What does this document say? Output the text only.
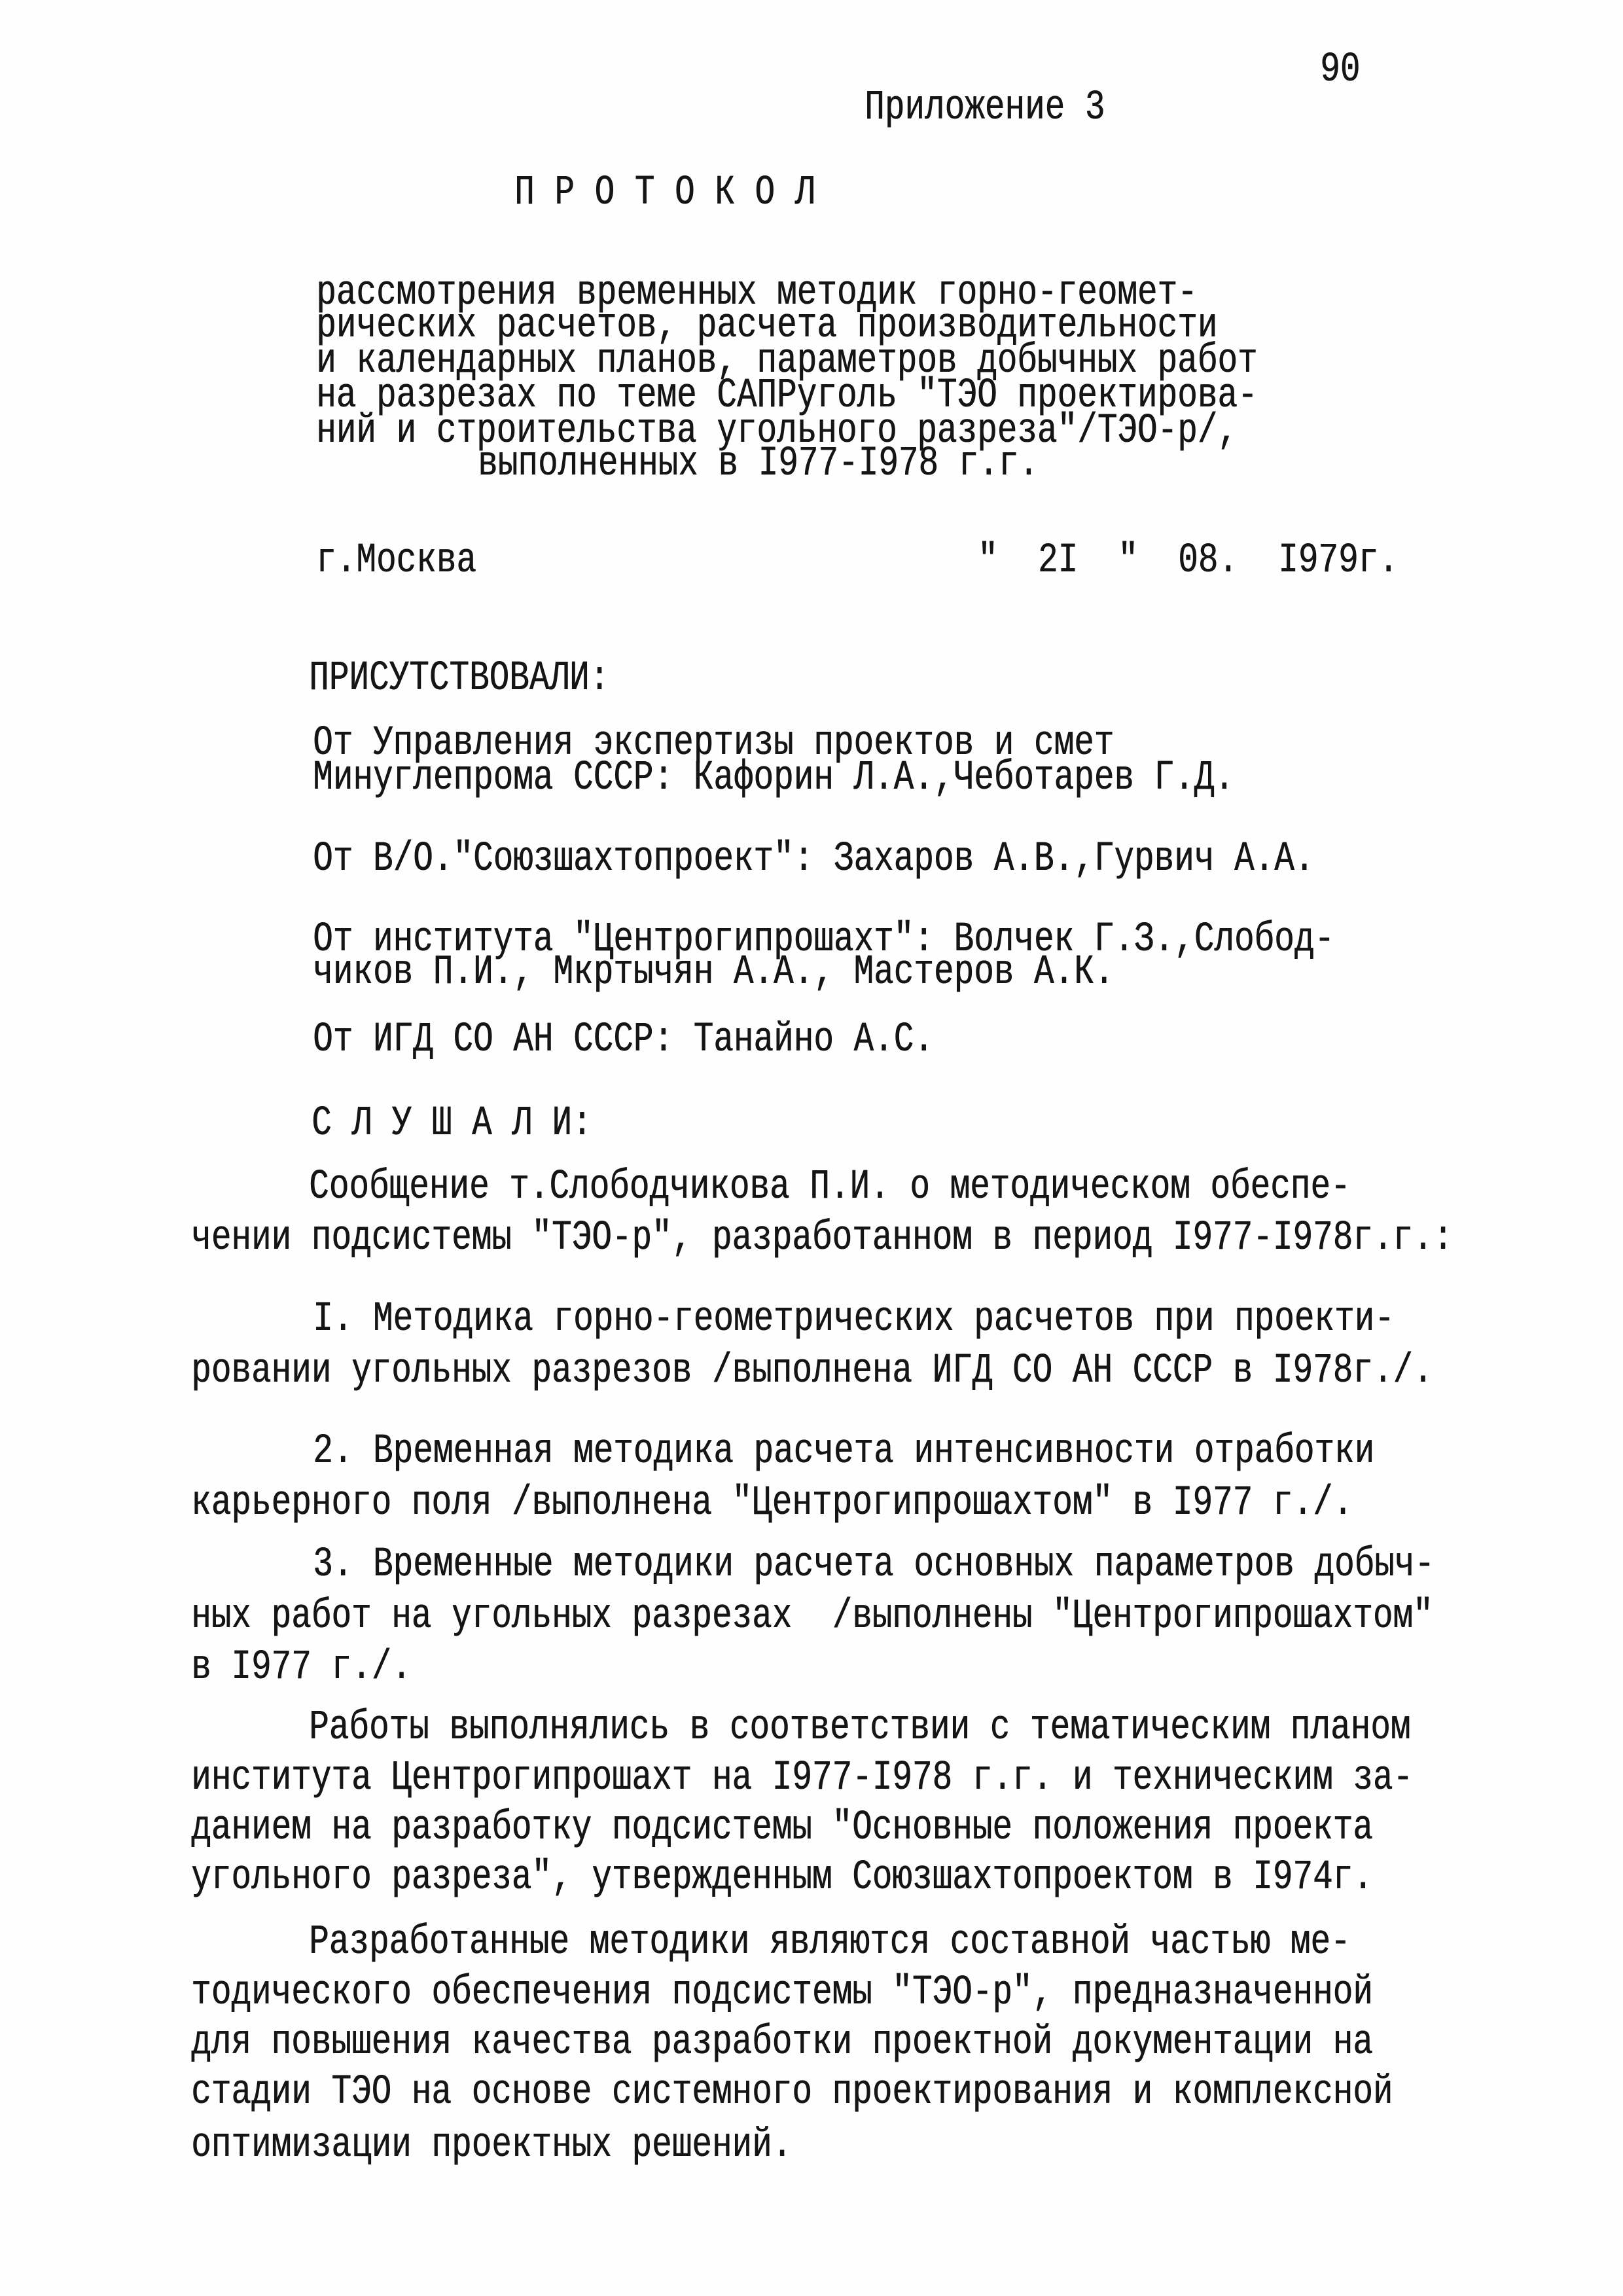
90
Приложение 3
П Р О Т О К О Л
рассмотрения временных методик горно-геомет-
рических расчетов, расчета производительности
и календарных планов, параметров добычных работ
на разрезах по теме САПРуголь "ТЭО проектирова-
ний и строительства угольного разреза"/ТЭО-р/,
выполненных в I977-I978 г.г.
г.Москва	"  2I  "  08.  I979г.
ПРИСУТСТВОВАЛИ:
От Управления экспертизы проектов и смет
Минуглепрома СССР: Кафорин Л.А.,Чеботарев Г.Д.
От В/О."Союзшахтопроект": Захаров А.В.,Гурвич А.А.
От института "Центрогипрошахт": Волчек Г.З.,Слобод-
чиков П.И., Мкртычян А.А., Мастеров А.К.
От ИГД СО АН СССР: Танайно А.С.
С Л У Ш А Л И:
Сообщение т.Слободчикова П.И. о методическом обеспе-
чении подсистемы "ТЭО-р", разработанном в период I977-I978г.г.:
I. Методика горно-геометрических расчетов при проекти-
ровании угольных разрезов /выполнена ИГД СО АН СССР в I978г./.
2. Временная методика расчета интенсивности отработки
карьерного поля /выполнена "Центрогипрошахтом" в I977 г./.
3. Временные методики расчета основных параметров добыч-
ных работ на угольных разрезах  /выполнены "Центрогипрошахтом"
в I977 г./.
Работы выполнялись в соответствии с тематическим планом
института Центрогипрошахт на I977-I978 г.г. и техническим за-
данием на разработку подсистемы "Основные положения проекта
угольного разреза", утвержденным Союзшахтопроектом в I974г.
Разработанные методики являются составной частью ме-
тодического обеспечения подсистемы "ТЭО-р", предназначенной
для повышения качества разработки проектной документации на
стадии ТЭО на основе системного проектирования и комплексной
оптимизации проектных решений.
